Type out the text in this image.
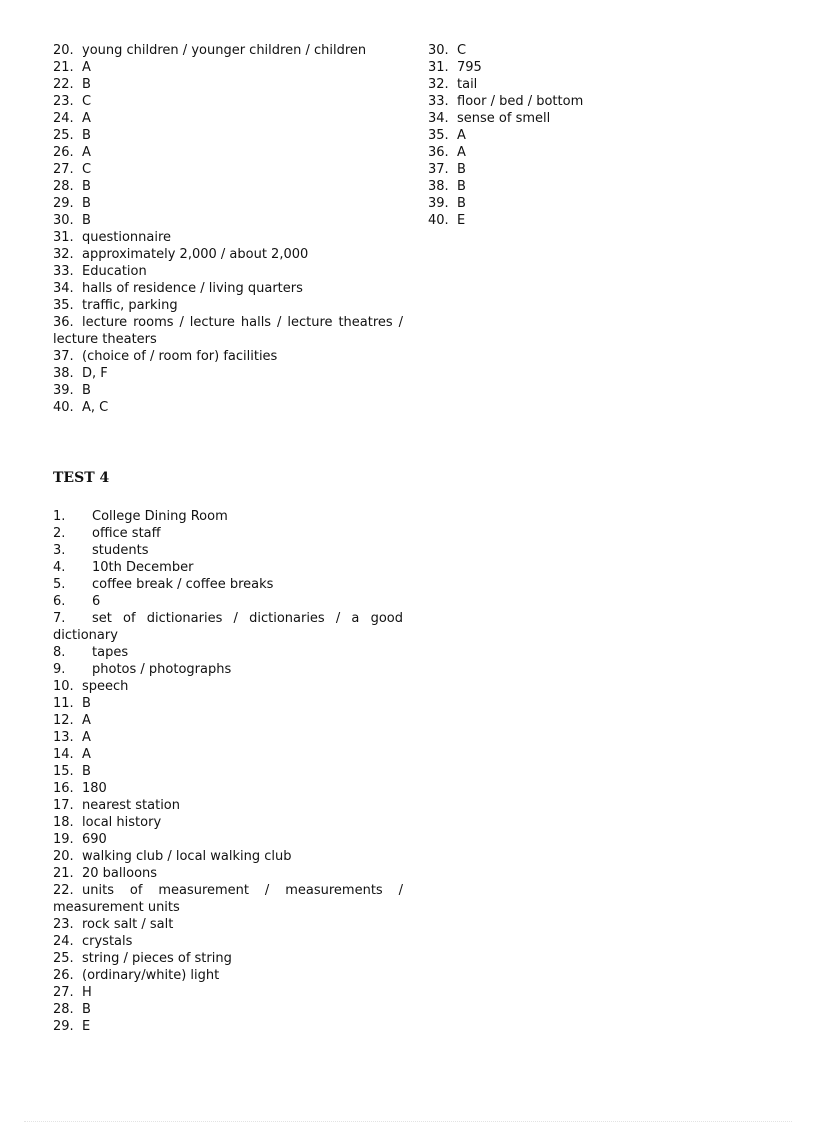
20. young children / younger children / children
21. A
22. B
23. C
24. A
25. B
26. A
27. C
28. B
29. B
30. B
31. questionnaire
32. approximately 2,000 / about 2,000
33. Education
34. halls of residence / living quarters
35. traffic, parking
36. lecture rooms / lecture halls / lecture theatres / lecture theaters
37. (choice of / room for) facilities
38. D, F
39. B
40. A, C
30. C
31. 795
32. tail
33. floor / bed / bottom
34. sense of smell
35. A
36. A
37. B
38. B
39. B
40. E
TEST 4
1.	College Dining Room
2.	office staff
3.	students
4.	10th December
5.	coffee break / coffee breaks
6.	6
7. set of dictionaries / dictionaries / a good dictionary
8.	tapes
9.	photos / photographs
10. speech
11. B
12. A
13. A
14. A
15. B
16. 180
17. nearest station
18. local history
19. 690
20. walking club / local walking club
21. 20 balloons
22. units of measurement / measurements / measurement units
23. rock salt / salt
24. crystals
25. string / pieces of string
26. (ordinary/white) light
27. H
28. B
29. E
